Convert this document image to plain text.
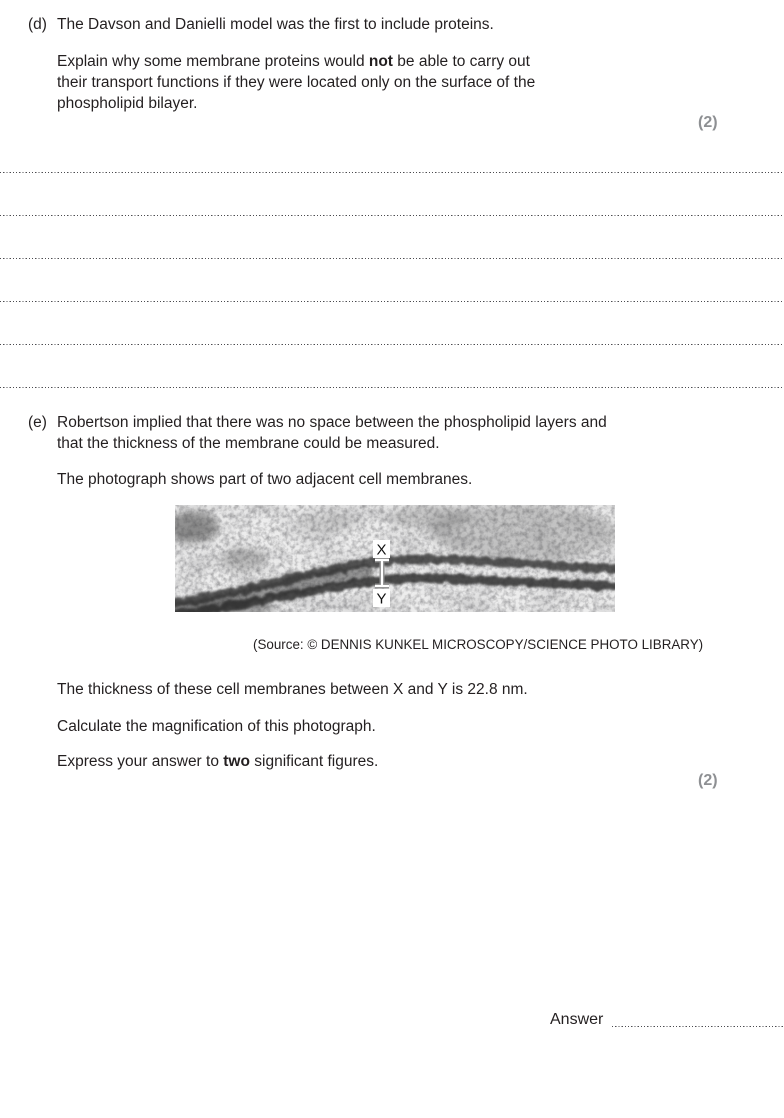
(d) The Davson and Danielli model was the first to include proteins.
Explain why some membrane proteins would not be able to carry out
their transport functions if they were located only on the surface of the
phospholipid bilayer.
(2)
(e) Robertson implied that there was no space between the phospholipid layers and
that the thickness of the membrane could be measured.
The photograph shows part of two adjacent cell membranes.
X
Y
(Source: © DENNIS KUNKEL MICROSCOPY/SCIENCE PHOTO LIBRARY)
The thickness of these cell membranes between X and Y is 22.8 nm.
Calculate the magnification of this photograph.
Express your answer to two significant figures.
(2)
Answer
